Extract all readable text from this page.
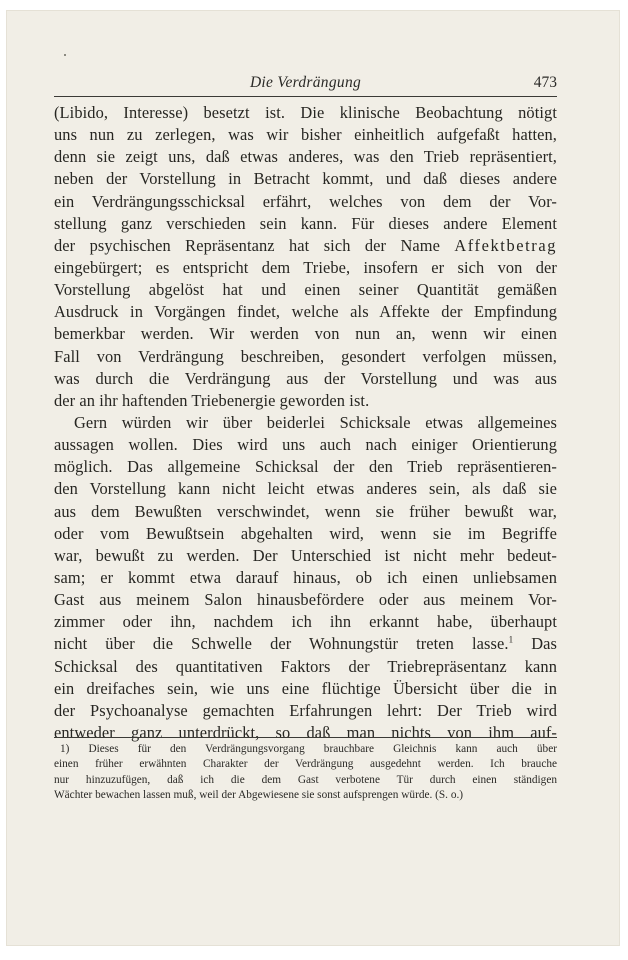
Die Verdrängung	473
(Libido, Interesse) besetzt ist. Die klinische Beobachtung nötigt
uns nun zu zerlegen, was wir bisher einheitlich aufgefaßt hatten,
denn sie zeigt uns, daß etwas anderes, was den Trieb repräsentiert,
neben der Vorstellung in Betracht kommt, und daß dieses andere
ein Verdrängungsschicksal erfährt, welches von dem der Vor-
stellung ganz verschieden sein kann. Für dieses andere Element
der psychischen Repräsentanz hat sich der Name Affektbetrag
eingebürgert; es entspricht dem Triebe, insofern er sich von der
Vorstellung abgelöst hat und einen seiner Quantität gemäßen
Ausdruck in Vorgängen findet, welche als Affekte der Empfindung
bemerkbar werden. Wir werden von nun an, wenn wir einen
Fall von Verdrängung beschreiben, gesondert verfolgen müssen,
was durch die Verdrängung aus der Vorstellung und was aus
der an ihr haftenden Triebenergie geworden ist.
Gern würden wir über beiderlei Schicksale etwas allgemeines
aussagen wollen. Dies wird uns auch nach einiger Orientierung
möglich. Das allgemeine Schicksal der den Trieb repräsentieren-
den Vorstellung kann nicht leicht etwas anderes sein, als daß sie
aus dem Bewußten verschwindet, wenn sie früher bewußt war,
oder vom Bewußtsein abgehalten wird, wenn sie im Begriffe
war, bewußt zu werden. Der Unterschied ist nicht mehr bedeut-
sam; er kommt etwa darauf hinaus, ob ich einen unliebsamen
Gast aus meinem Salon hinausbefördere oder aus meinem Vor-
zimmer oder ihn, nachdem ich ihn erkannt habe, überhaupt
nicht über die Schwelle der Wohnungstür treten lasse.$^1$ Das
Schicksal des quantitativen Faktors der Triebrepräsentanz kann
ein dreifaches sein, wie uns eine flüchtige Übersicht über die in
der Psychoanalyse gemachten Erfahrungen lehrt: Der Trieb wird
entweder ganz unterdrückt, so daß man nichts von ihm auf-
1) Dieses für den Verdrängungsvorgang brauchbare Gleichnis kann auch über
einen früher erwähnten Charakter der Verdrängung ausgedehnt werden. Ich brauche
nur hinzuzufügen, daß ich die dem Gast verbotene Tür durch einen ständigen
Wächter bewachen lassen muß, weil der Abgewiesene sie sonst aufsprengen würde. (S. o.)
